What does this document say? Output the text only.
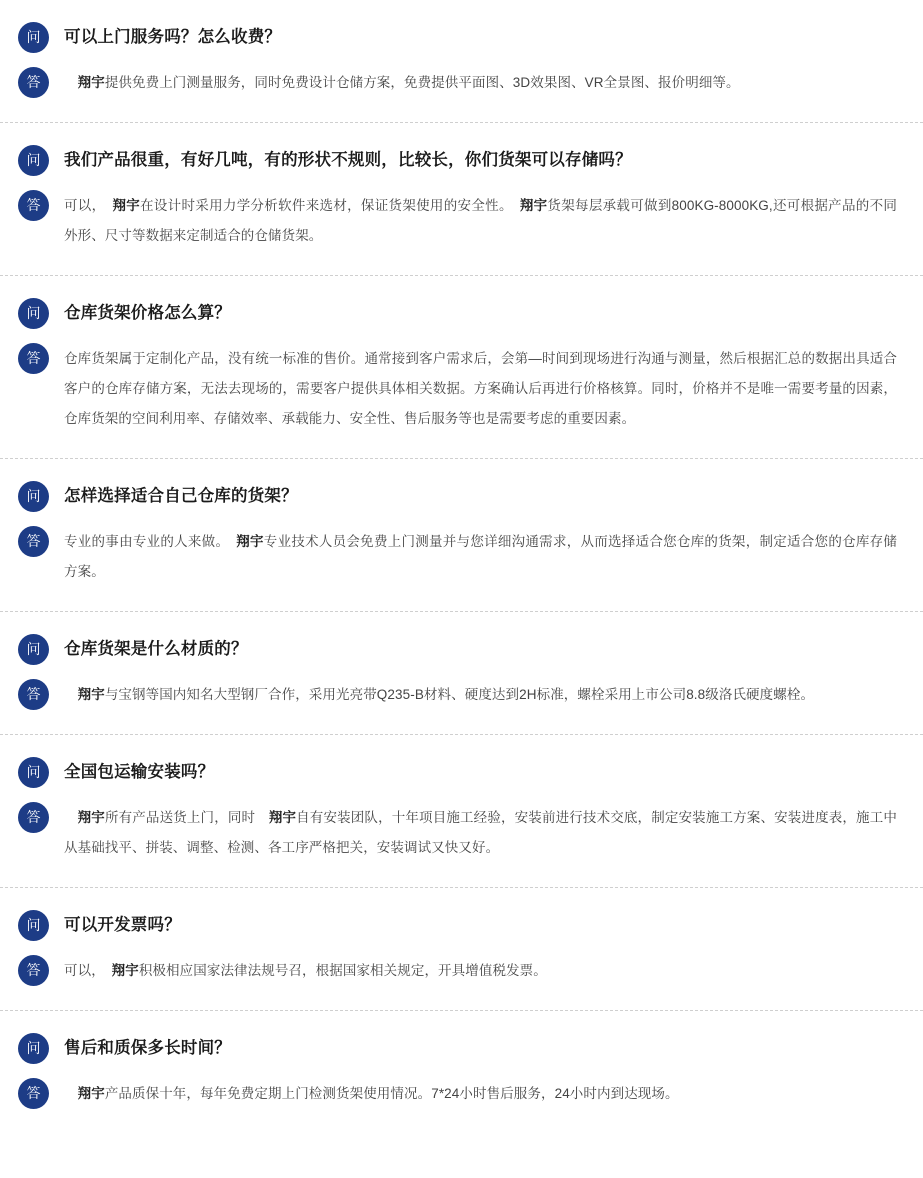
问	可以上门服务吗？怎么收费？
答
　	翔宇提供免费上门测量服务，同时免费设计仓储方案，免费提供平面图、3D效果图、VR全景图、报价明细等。
问	我们产品很重，有好几吨，有的形状不规则，比较长，你们货架可以存储吗？
答	可以，　翔宇在设计时采用力学分析软件来选材，保证货架使用的安全性。　翔宇货架每层承载可做到800KG-8000KG,还可根据产品的不同外形、尺寸等数据来定制适合的仓储货架。
问	仓库货架价格怎么算？
答	仓库货架属于定制化产品，没有统一标准的售价。通常接到客户需求后，会第—时间到现场进行沟通与测量，然后根据汇总的数据出具适合客户的仓库存储方案，无法去现场的，需要客户提供具体相关数据。方案确认后再进行价格核算。同时，价格并不是唯一需要考量的因素，仓库货架的空间利用率、存储效率、承载能力、安全性、售后服务等也是需要考虑的重要因素。
问	怎样选择适合自己仓库的货架？
答	专业的事由专业的人来做。　翔宇专业技术人员会免费上门测量并与您详细沟通需求，从而选择适合您仓库的货架，制定适合您的仓库存储方案。
问	仓库货架是什么材质的？
答
　	翔宇与宝钢等国内知名大型钢厂合作，采用光亮带Q235-B材料、硬度达到2H标准，螺栓采用上市公司8.8级洛氏硬度螺栓。
问	全国包运输安装吗？
答
　	翔宇所有产品送货上门，同时　翔宇自有安装团队，十年项目施工经验，安装前进行技术交底，制定安装施工方案、安装进度表，施工中从基础找平、拼装、调整、检测、各工序严格把关，安装调试又快又好。
问	可以开发票吗？
答	可以，　翔宇积极相应国家法律法规号召，根据国家相关规定，开具增值税发票。
问	售后和质保多长时间？
答
　	翔宇产品质保十年，每年免费定期上门检测货架使用情况。7*24小时售后服务，24小时内到达现场。
